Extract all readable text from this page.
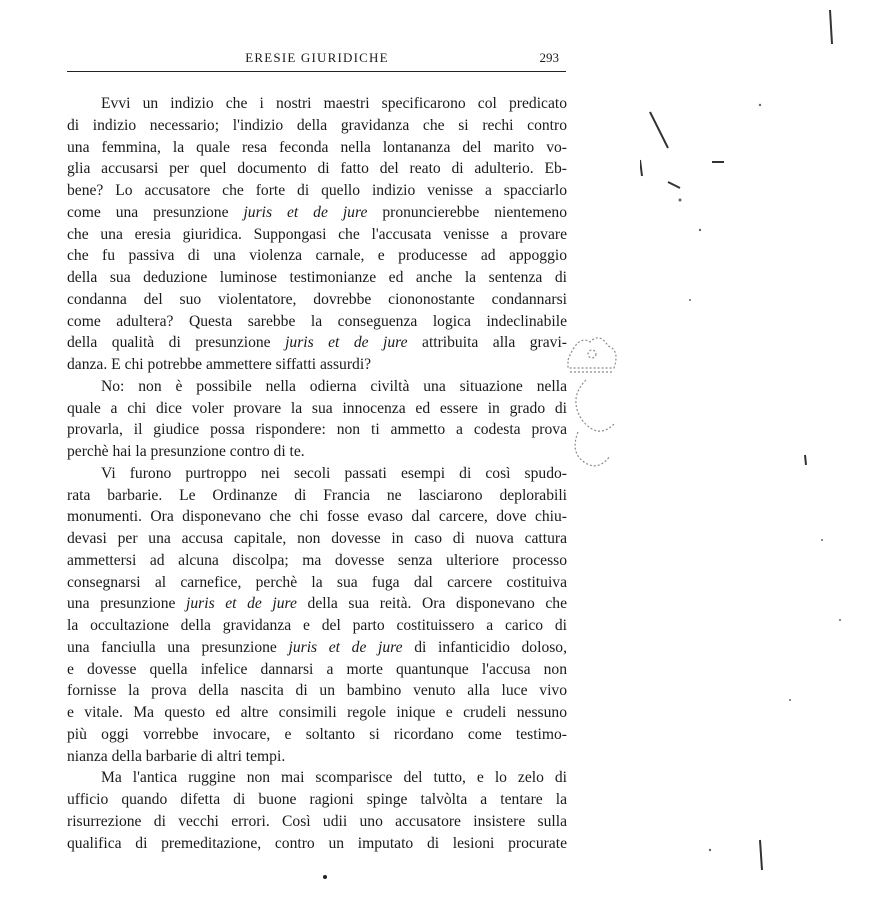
ERESIE GIURIDICHE	293
Evvi un indizio che i nostri maestri specificarono col predicato
di indizio necessario; l'indizio della gravidanza che si rechi contro
una femmina, la quale resa feconda nella lontananza del marito vo-
glia accusarsi per quel documento di fatto del reato di adulterio. Eb-
bene? Lo accusatore che forte di quello indizio venisse a spacciarlo
come una presunzione juris et de jure pronuncierebbe nientemeno
che una eresia giuridica. Suppongasi che l'accusata venisse a provare
che fu passiva di una violenza carnale, e producesse ad appoggio
della sua deduzione luminose testimonianze ed anche la sentenza di
condanna del suo violentatore, dovrebbe ciononostante condannarsi
come adultera? Questa sarebbe la conseguenza logica indeclinabile
della qualità di presunzione juris et de jure attribuita alla gravi-
danza. E chi potrebbe ammettere siffatti assurdi?
No: non è possibile nella odierna civiltà una situazione nella
quale a chi dice voler provare la sua innocenza ed essere in grado di
provarla, il giudice possa rispondere: non ti ammetto a codesta prova
perchè hai la presunzione contro di te.
Vi furono purtroppo nei secoli passati esempi di così spudo-
rata barbarie. Le Ordinanze di Francia ne lasciarono deplorabili
monumenti. Ora disponevano che chi fosse evaso dal carcere, dove chiu-
devasi per una accusa capitale, non dovesse in caso di nuova cattura
ammettersi ad alcuna discolpa; ma dovesse senza ulteriore processo
consegnarsi al carnefice, perchè la sua fuga dal carcere costituiva
una presunzione juris et de jure della sua reità. Ora disponevano che
la occultazione della gravidanza e del parto costituissero a carico di
una fanciulla una presunzione juris et de jure di infanticidio doloso,
e dovesse quella infelice dannarsi a morte quantunque l'accusa non
fornisse la prova della nascita di un bambino venuto alla luce vivo
e vitale. Ma questo ed altre consimili regole inique e crudeli nessuno
più oggi vorrebbe invocare, e soltanto si ricordano come testimo-
nianza della barbarie di altri tempi.
Ma l'antica ruggine non mai scomparisce del tutto, e lo zelo di
ufficio quando difetta di buone ragioni spinge talvòlta a tentare la
risurrezione di vecchi errori. Così udii uno accusatore insistere sulla
qualifica di premeditazione, contro un imputato di lesioni procurate
